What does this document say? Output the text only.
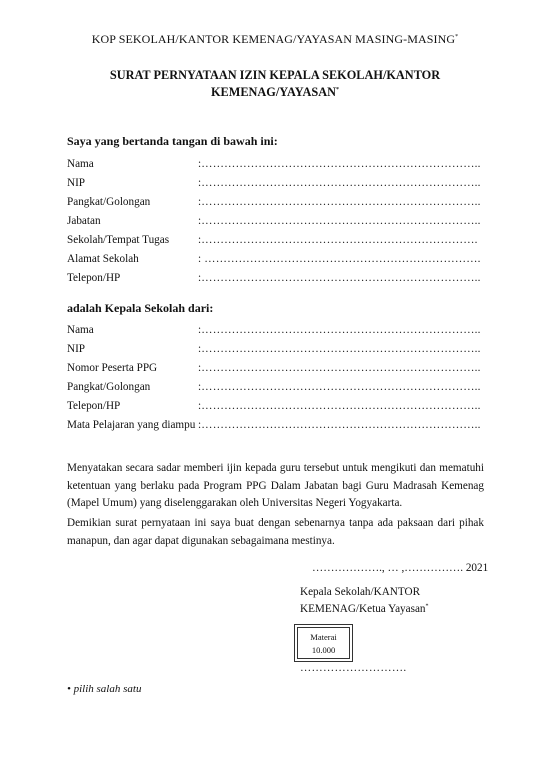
KOP SEKOLAH/KANTOR KEMENAG/YAYASAN MASING-MASING*
SURAT PERNYATAAN IZIN KEPALA SEKOLAH/KANTOR
KEMENAG/YAYASAN*
Saya yang bertanda tangan di bawah ini:
Nama	:………………………………………………………………..
NIP	:………………………………………………………………..
Pangkat/Golongan	:………………………………………………………………..
Jabatan	:………………………………………………………………..
Sekolah/Tempat Tugas	:……………………………………………………………….
Alamat Sekolah	: ……………………………………………………………….
Telepon/HP	:………………………………………………………………..
adalah Kepala Sekolah dari:
Nama	:………………………………………………………………..
NIP	:………………………………………………………………..
Nomor Peserta PPG	:………………………………………………………………..
Pangkat/Golongan	:………………………………………………………………..
Telepon/HP	:………………………………………………………………..
Mata Pelajaran yang diampu :………………………………………………………………..
Menyatakan secara sadar memberi ijin kepada guru tersebut untuk mengikuti dan mematuhi ketentuan yang berlaku pada Program PPG Dalam Jabatan bagi Guru Madrasah Kemenag (Mapel Umum) yang diselenggarakan oleh Universitas Negeri Yogyakarta.
Demikian surat pernyataan ini saya buat dengan sebenarnya tanpa ada paksaan dari pihak manapun, dan agar dapat digunakan sebagaimana mestinya.
………………., … ,……………. 2021
Kepala Sekolah/KANTOR
KEMENAG/Ketua Yayasan*
Materai
10.000
……………………….
• pilih salah satu
